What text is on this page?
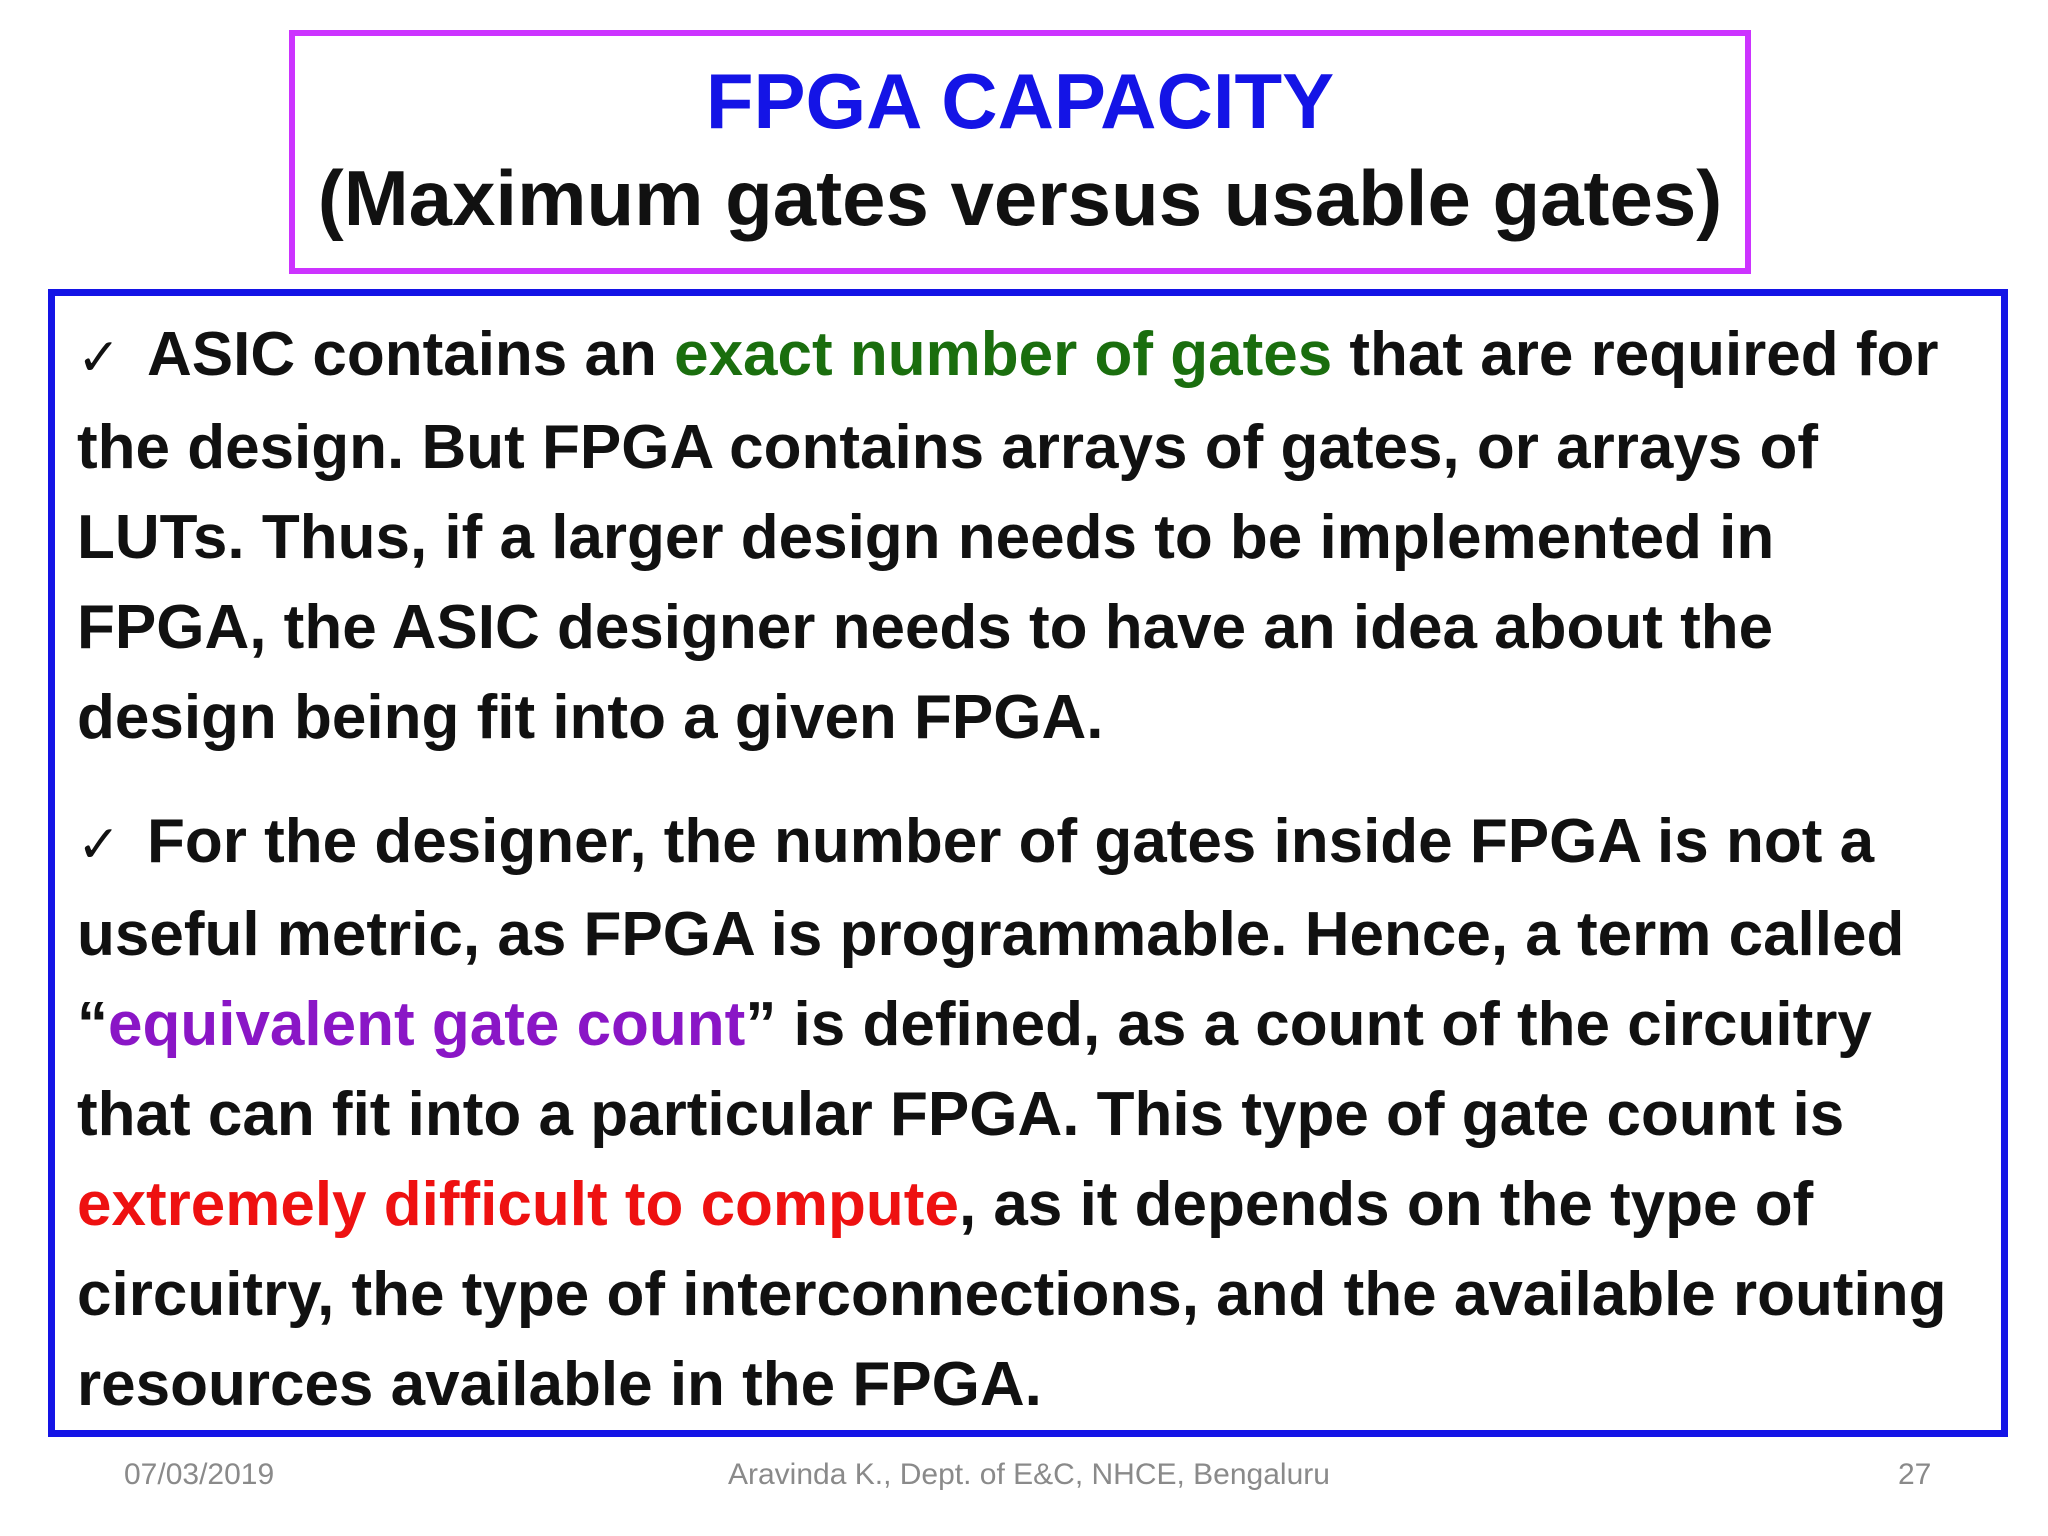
FPGA CAPACITY
(Maximum gates versus usable gates)

✓ ASIC contains an exact number of gates that are required for the design. But FPGA contains arrays of gates, or arrays of LUTs. Thus, if a larger design needs to be implemented in FPGA, the ASIC designer needs to have an idea about the design being fit into a given FPGA.

✓ For the designer, the number of gates inside FPGA is not a useful metric, as FPGA is programmable. Hence, a term called “equivalent gate count” is defined, as a count of the circuitry that can fit into a particular FPGA. This type of gate count is extremely difficult to compute, as it depends on the type of circuitry, the type of interconnections, and the available routing resources available in the FPGA.

07/03/2019	Aravinda K., Dept. of E&C, NHCE, Bengaluru	27
